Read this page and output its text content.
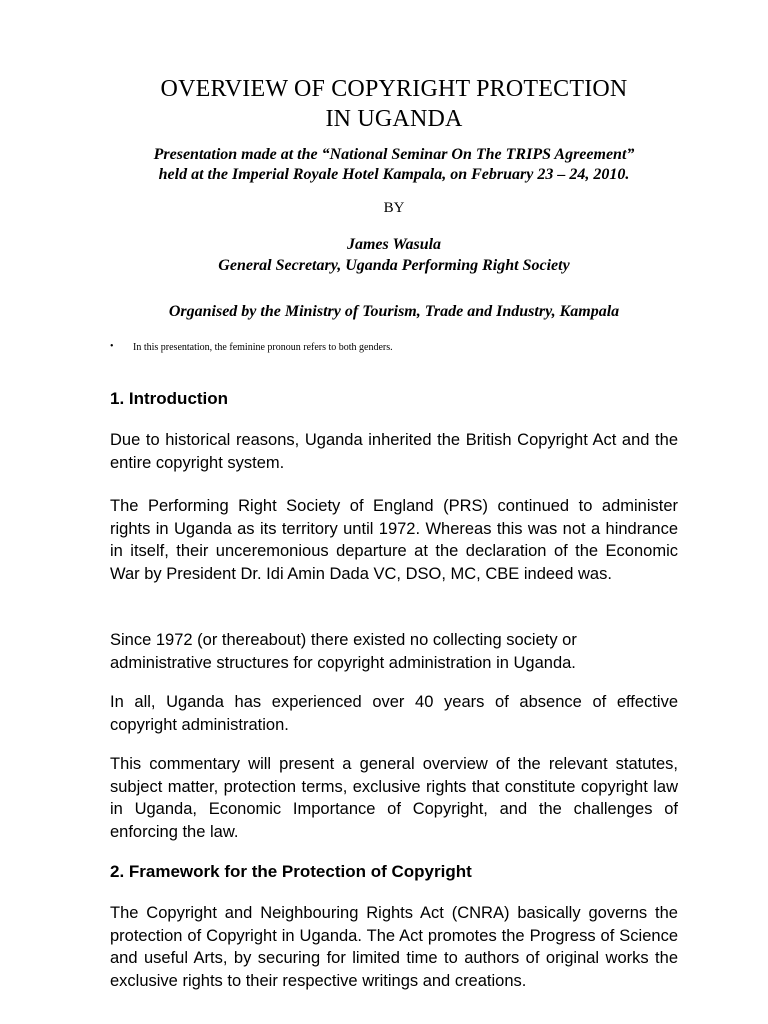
OVERVIEW OF COPYRIGHT PROTECTION
IN UGANDA
Presentation made at the “National Seminar On The TRIPS Agreement”
held at the Imperial Royale Hotel Kampala, on February 23 – 24, 2010.
BY
James Wasula
General Secretary, Uganda Performing Right Society
Organised by the Ministry of Tourism, Trade and Industry, Kampala
• In this presentation, the feminine pronoun refers to both genders.
1. Introduction

Due to historical reasons, Uganda inherited the British Copyright Act and the entire copyright system.

The Performing Right Society of England (PRS) continued to administer rights in Uganda as its territory until 1972. Whereas this was not a hindrance in itself, their unceremonious departure at the declaration of the Economic War by President Dr. Idi Amin Dada VC, DSO, MC, CBE indeed was.

Since 1972 (or thereabout) there existed no collecting society or administrative structures for copyright administration in Uganda.

In all, Uganda has experienced over 40 years of absence of effective copyright administration.

This commentary will present a general overview of the relevant statutes, subject matter, protection terms, exclusive rights that constitute copyright law in Uganda, Economic Importance of Copyright, and the challenges of enforcing the law.

2. Framework for the Protection of Copyright

The Copyright and Neighbouring Rights Act (CNRA) basically governs the protection of Copyright in Uganda. The Act promotes the Progress of Science and useful Arts, by securing for limited time to authors of original works the exclusive rights to their respective writings and creations.
